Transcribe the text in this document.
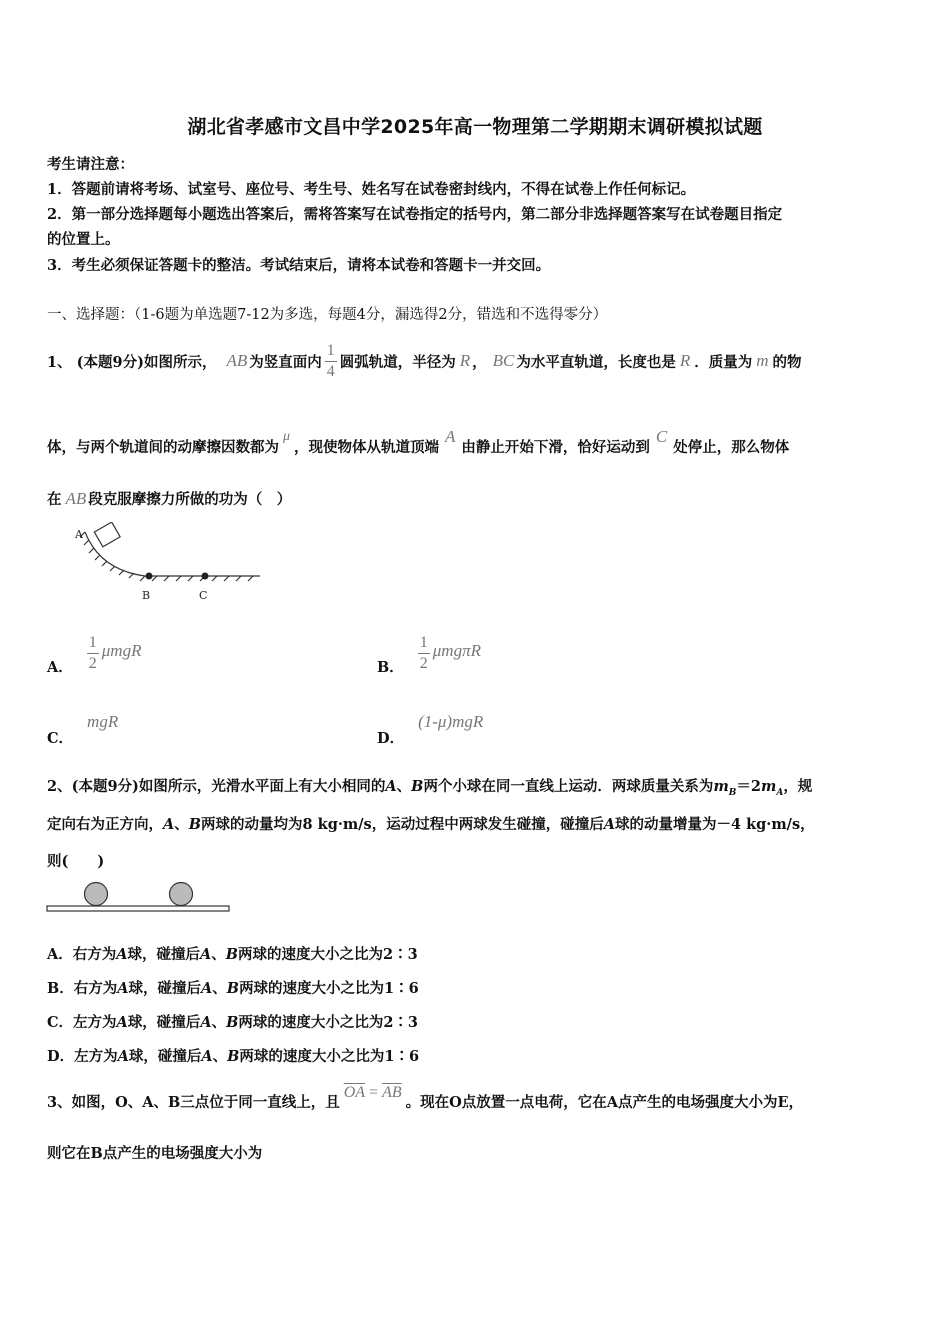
湖北省孝感市文昌中学2025年高一物理第二学期期末调研模拟试题
考生请注意：
1．答题前请将考场、试室号、座位号、考生号、姓名写在试卷密封线内，不得在试卷上作任何标记。
2．第一部分选择题每小题选出答案后，需将答案写在试卷指定的括号内，第二部分非选择题答案写在试卷题目指定
的位置上。
3．考生必须保证答题卡的整洁。考试结束后，请将本试卷和答题卡一并交回。
一、选择题：（1-6题为单选题7-12为多选，每题4分，漏选得2分，错选和不选得零分）
1、 (本题9分)如图所示， AB 为竖直面内 $\frac{1}{4}$ 圆弧轨道，半径为 R ， BC 为水平直轨道，长度也是 R ．质量为 m 的物
体，与两个轨道间的动摩擦因数都为
μ
，现使物体从轨道顶端
A
由静止开始下滑，恰好运动到
C
处停止，那么物体
在 AB 段克服摩擦力所做的功为（　）
A
B	C
A． $\frac{1}{2}$ μmgR
B． $\frac{1}{2}$ μmgπR
C．
mgR
D．
(1-μ)mgR
2、(本题9分)如图所示，光滑水平面上有大小相同的A、B两个小球在同一直线上运动．两球质量关系为$m_B=2m_A$，规
定向右为正方向，A、B两球的动量均为8 kg·m/s，运动过程中两球发生碰撞，碰撞后A球的动量增量为－4 kg·m/s，
则(　　)
A．右方为A球，碰撞后A、B两球的速度大小之比为2∶3
B．右方为A球，碰撞后A、B两球的速度大小之比为1∶6
C．左方为A球，碰撞后A、B两球的速度大小之比为2∶3
D．左方为A球，碰撞后A、B两球的速度大小之比为1∶6
3、如图，O、A、B三点位于同一直线上，且
$\overline{OA} = \overline{AB}$
。现在O点放置一点电荷，它在A点产生的电场强度大小为E，
则它在B点产生的电场强度大小为
